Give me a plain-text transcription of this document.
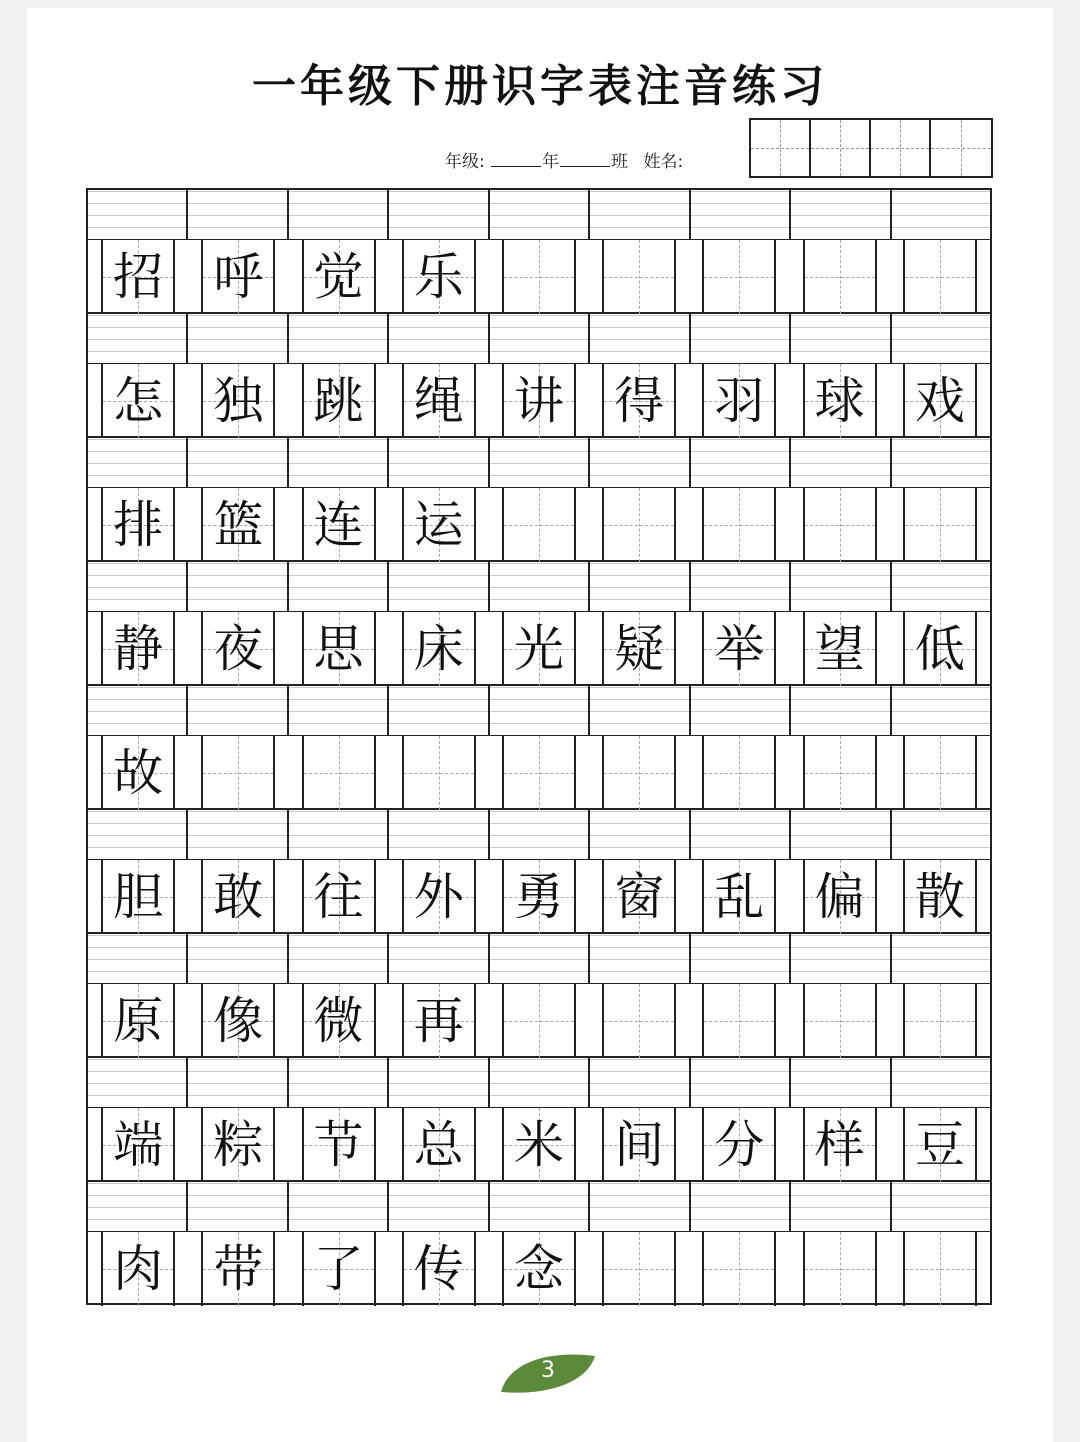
一年级下册识字表注音练习
年级:	年	班 姓名:
招 呼 觉 乐
怎 独 跳 绳 讲 得 羽 球 戏
排 篮 连 运
静 夜 思 床 光 疑 举 望 低
故
胆 敢 往 外 勇 窗 乱 偏 散
原 像 微 再
端 粽 节 总 米 间 分 样 豆
肉 带 了 传 念
3
